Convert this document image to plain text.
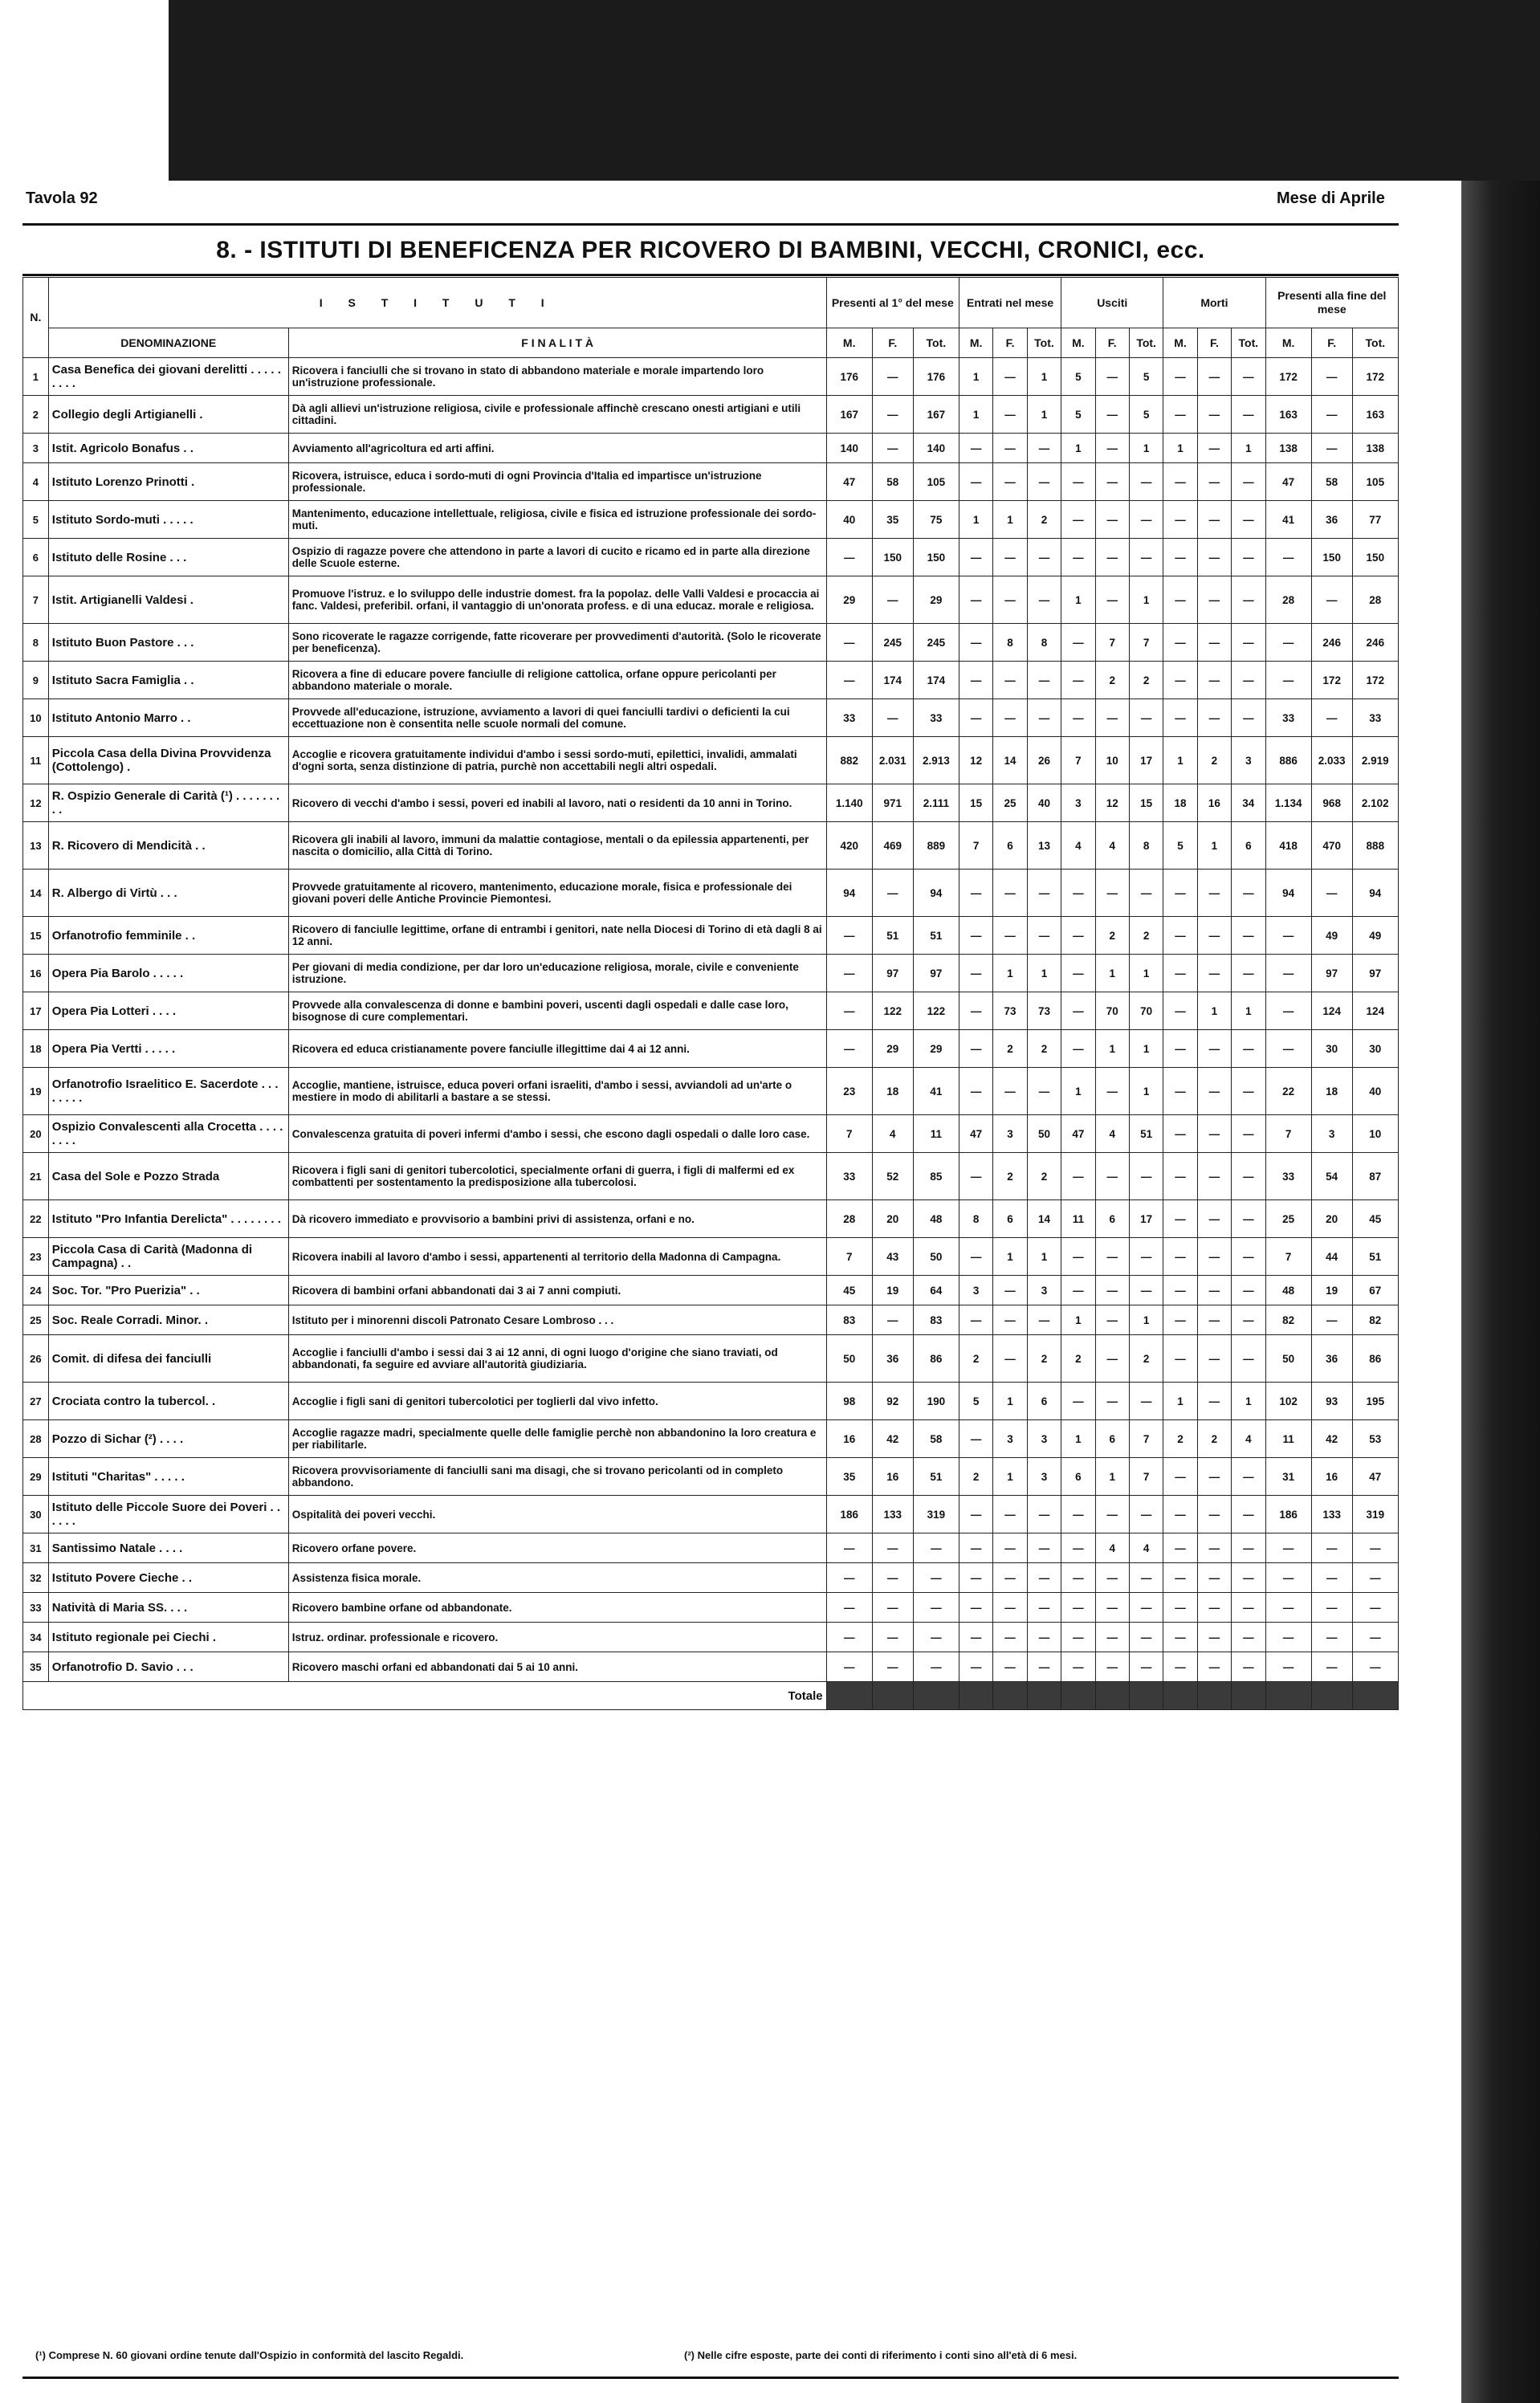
Tavola 92	Mese di Aprile
8. - ISTITUTI DI BENEFICENZA PER RICOVERO DI BAMBINI, VECCHI, CRONICI, ecc.
N.	I S T I T U T I		Presenti al 1° del mese			Entrati nel mese			Usciti			Morti			Presenti alla fine del mese		
	DENOMINAZIONE	F I N A L I T À															
			M.	F.	Tot.	M.	F.	Tot.	M.	F.	Tot.	M.	F.	Tot.	M.	F.	Tot.
1	Casa Benefica dei giovani derelitti . . . . . . . . .	Ricovera i fanciulli che si trovano in stato di abbandono materiale e morale impartendo loro un'istruzione professionale.	176	—	176	1	—	1	5	—	5	—	—	—	172	—	172
2	Collegio degli Artigianelli .	Dà agli allievi un'istruzione religiosa, civile e professionale affinchè crescano onesti artigiani e utili cittadini.	167	—	167	1	—	1	5	—	5	—	—	—	163	—	163
3	Istit. Agricolo Bonafus . .	Avviamento all'agricoltura ed arti affini.	140	—	140	—	—	—	1	—	1	1	—	1	138	—	138
4	Istituto Lorenzo Prinotti .	Ricovera, istruisce, educa i sordo-muti di ogni Provincia d'Italia ed impartisce un'istruzione professionale.	47	58	105	—	—	—	—	—	—	—	—	—	47	58	105
5	Istituto Sordo-muti . . . . .	Mantenimento, educazione intellettuale, religiosa, civile e fisica ed istruzione professionale dei sordo-muti.	40	35	75	1	1	2	—	—	—	—	—	—	41	36	77
6	Istituto delle Rosine . . .	Ospizio di ragazze povere che attendono in parte a lavori di cucito e ricamo ed in parte alla direzione delle Scuole esterne.	—	150	150	—	—	—	—	—	—	—	—	—	—	150	150
7	Istit. Artigianelli Valdesi .	Promuove l'istruz. e lo sviluppo delle industrie domest. fra la popolaz. delle Valli Valdesi e procaccia ai fanc. Valdesi, preferibil. orfani, il vantaggio di un'onorata profess. e di una educaz. morale e religiosa.	29	—	29	—	—	—	1	—	1	—	—	—	28	—	28
8	Istituto Buon Pastore . . .	Sono ricoverate le ragazze corrigende, fatte ricoverare per provvedimenti d'autorità. (Solo le ricoverate per beneficenza).	—	245	245	—	8	8	—	7	7	—	—	—	—	246	246
9	Istituto Sacra Famiglia . .	Ricovera a fine di educare povere fanciulle di religione cattolica, orfane oppure pericolanti per abbandono materiale o morale.	—	174	174	—	—	—	—	2	2	—	—	—	—	172	172
10	Istituto Antonio Marro . .	Provvede all'educazione, istruzione, avviamento a lavori di quei fanciulli tardivi o deficienti la cui eccettuazione non è consentita nelle scuole normali del comune.	33	—	33	—	—	—	—	—	—	—	—	—	33	—	33
11	Piccola Casa della Divina Provvidenza (Cottolengo) .	Accoglie e ricovera gratuitamente individui d'ambo i sessi sordo-muti, epilettici, invalidi, ammalati d'ogni sorta, senza distinzione di patria, purchè non accettabili negli altri ospedali.	882	2.031	2.913	12	14	26	7	10	17	1	2	3	886	2.033	2.919
12	R. Ospizio Generale di Carità (¹) . . . . . . . . .	Ricovero di vecchi d'ambo i sessi, poveri ed inabili al lavoro, nati o residenti da 10 anni in Torino.	1.140	971	2.111	15	25	40	3	12	15	18	16	34	1.134	968	2.102
13	R. Ricovero di Mendicità . .	Ricovera gli inabili al lavoro, immuni da malattie contagiose, mentali o da epilessia appartenenti, per nascita o domicilio, alla Città di Torino.	420	469	889	7	6	13	4	4	8	5	1	6	418	470	888
14	R. Albergo di Virtù . . .	Provvede gratuitamente al ricovero, mantenimento, educazione morale, fisica e professionale dei giovani poveri delle Antiche Provincie Piemontesi.	94	—	94	—	—	—	—	—	—	—	—	—	94	—	94
15	Orfanotrofio femminile . .	Ricovero di fanciulle legittime, orfane di entrambi i genitori, nate nella Diocesi di Torino di età dagli 8 ai 12 anni.	—	51	51	—	—	—	—	2	2	—	—	—	—	49	49
16	Opera Pia Barolo . . . . .	Per giovani di media condizione, per dar loro un'educazione religiosa, morale, civile e conveniente istruzione.	—	97	97	—	1	1	—	1	1	—	—	—	—	97	97
17	Opera Pia Lotteri . . . .	Provvede alla convalescenza di donne e bambini poveri, uscenti dagli ospedali e dalle case loro, bisognose di cure complementari.	—	122	122	—	73	73	—	70	70	—	1	1	—	124	124
18	Opera Pia Vertti . . . . .	Ricovera ed educa cristianamente povere fanciulle illegittime dai 4 ai 12 anni.	—	29	29	—	2	2	—	1	1	—	—	—	—	30	30
19	Orfanotrofio Israelitico E. Sacerdote . . . . . . . .	Accoglie, mantiene, istruisce, educa poveri orfani israeliti, d'ambo i sessi, avviandoli ad un'arte o mestiere in modo di abilitarli a bastare a se stessi.	23	18	41	—	—	—	1	—	1	—	—	—	22	18	40
20	Ospizio Convalescenti alla Crocetta . . . . . . . .	Convalescenza gratuita di poveri infermi d'ambo i sessi, che escono dagli ospedali o dalle loro case.	7	4	11	47	3	50	47	4	51	—	—	—	7	3	10
21	Casa del Sole e Pozzo Strada	Ricovera i figli sani di genitori tubercolotici, specialmente orfani di guerra, i figli di malfermi ed ex combattenti per sostentamento la predisposizione alla tubercolosi.	33	52	85	—	2	2	—	—	—	—	—	—	33	54	87
22	Istituto "Pro Infantia Derelicta" . . . . . . . .	Dà ricovero immediato e provvisorio a bambini privi di assistenza, orfani e no.	28	20	48	8	6	14	11	6	17	—	—	—	25	20	45
23	Piccola Casa di Carità (Madonna di Campagna) . .	Ricovera inabili al lavoro d'ambo i sessi, appartenenti al territorio della Madonna di Campagna.	7	43	50	—	1	1	—	—	—	—	—	—	7	44	51
24	Soc. Tor. "Pro Puerizia" . .	Ricovera di bambini orfani abbandonati dai 3 ai 7 anni compiuti.	45	19	64	3	—	3	—	—	—	—	—	—	48	19	67
25	Soc. Reale Corradi. Minor. .	Istituto per i minorenni discoli Patronato Cesare Lombroso . . .	83	—	83	—	—	—	1	—	1	—	—	—	82	—	82
26	Comit. di difesa dei fanciulli	Accoglie i fanciulli d'ambo i sessi dai 3 ai 12 anni, di ogni luogo d'origine che siano traviati, od abbandonati, fa seguire ed avviare all'autorità giudiziaria.	50	36	86	2	—	2	2	—	2	—	—	—	50	36	86
27	Crociata contro la tubercol. .	Accoglie i figli sani di genitori tubercolotici per toglierli dal vivo infetto.	98	92	190	5	1	6	—	—	—	1	—	1	102	93	195
28	Pozzo di Sichar (²) . . . .	Accoglie ragazze madri, specialmente quelle delle famiglie perchè non abbandonino la loro creatura e per riabilitarle.	16	42	58	—	3	3	1	6	7	2	2	4	11	42	53
29	Istituti "Charitas" . . . . .	Ricovera provvisoriamente di fanciulli sani ma disagi, che si trovano pericolanti od in completo abbandono.	35	16	51	2	1	3	6	1	7	—	—	—	31	16	47
30	Istituto delle Piccole Suore dei Poveri . . . . . .	Ospitalità dei poveri vecchi.	186	133	319	—	—	—	—	—	—	—	—	—	186	133	319
31	Santissimo Natale . . . .	Ricovero orfane povere.	—	—	—	—	—	—	—	4	4	—	—	—	—	—	—
32	Istituto Povere Cieche . .	Assistenza fisica morale.	—	—	—	—	—	—	—	—	—	—	—	—	—	—	—
33	Natività di Maria SS. . . .	Ricovero bambine orfane od abbandonate.	—	—	—	—	—	—	—	—	—	—	—	—	—	—	—
34	Istituto regionale pei Ciechi .	Istruz. ordinar. professionale e ricovero.	—	—	—	—	—	—	—	—	—	—	—	—	—	—	—
35	Orfanotrofio D. Savio . . .	Ricovero maschi orfani ed abbandonati dai 5 ai 10 anni.	—	—	—	—	—	—	—	—	—	—	—	—	—	—	—
Totale																	
(¹) Comprese N. 60 giovani ordine tenute dall'Ospizio in conformità del lascito Regaldi.	(²) Nelle cifre esposte, parte dei conti di riferimento i conti sino all'età di 6 mesi.
